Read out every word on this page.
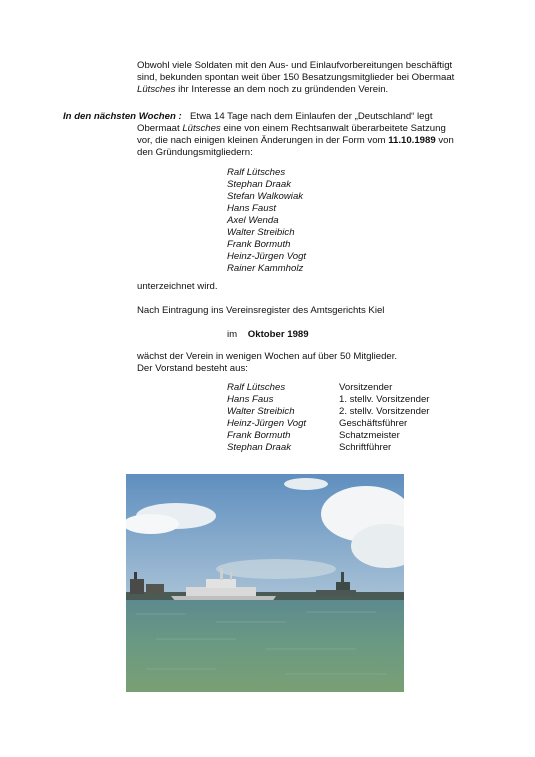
Obwohl viele Soldaten mit den Aus- und Einlaufvorbereitungen beschäftigt
sind, bekunden spontan weit über 150 Besatzungsmitglieder bei Obermaat
Lütsches ihr Interesse an dem noch zu gründenden Verein.
In den nächsten Wochen : Etwa 14 Tage nach dem Einlaufen der „Deutschland“ legt
Obermaat Lütsches eine von einem Rechtsanwalt überarbeitete Satzung
vor, die nach einigen kleinen Änderungen in der Form vom 11.10.1989 von
den Gründungsmitgliedern:
Ralf Lütsches
Stephan Draak
Stefan Walkowiak
Hans Faust
Axel Wenda
Walter Streibich
Frank Bormuth
Heinz-Jürgen Vogt
Rainer Kammholz
unterzeichnet wird.
Nach Eintragung ins Vereinsregister des Amtsgerichts Kiel
im Oktober 1989
wächst der Verein in wenigen Wochen auf über 50 Mitglieder.
Der Vorstand besteht aus:
Ralf Lütsches
Hans Faus
Walter Streibich
Heinz-Jürgen Vogt
Frank Bormuth
Stephan Draak
Vorsitzender
1. stellv. Vorsitzender
2. stellv. Vorsitzender
Geschäftsführer
Schatzmeister
Schriftführer
